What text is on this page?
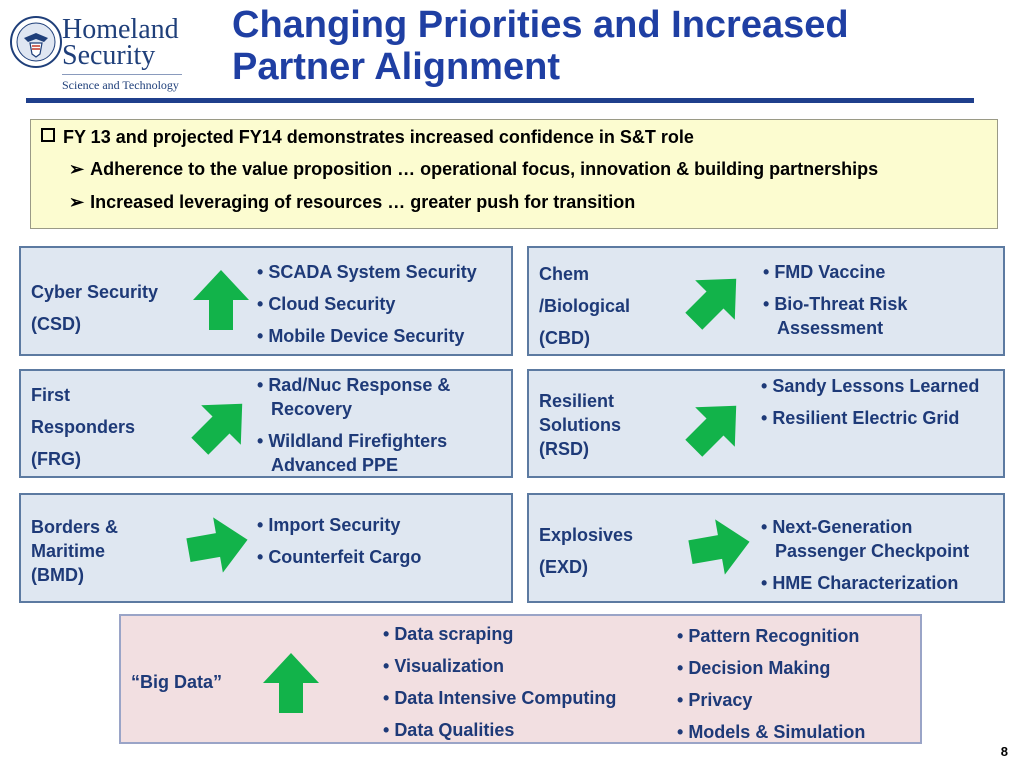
Homeland
Security
Science and Technology
Changing Priorities and Increased
Partner Alignment
FY 13 and projected FY14 demonstrates increased confidence in S&T role
➢ Adherence to the value proposition … operational focus, innovation & building partnerships
➢ Increased leveraging of resources … greater push for transition
Cyber Security
(CSD)
• SCADA System Security
• Cloud Security
• Mobile Device Security
Chem
/Biological
(CBD)
• FMD Vaccine
• Bio-Threat Risk Assessment
First
Responders
(FRG)
• Rad/Nuc Response & Recovery
• Wildland Firefighters Advanced PPE
Resilient
Solutions
(RSD)
• Sandy Lessons Learned
• Resilient Electric Grid
Borders &
Maritime
(BMD)
• Import Security
• Counterfeit Cargo
Explosives
(EXD)
• Next-Generation Passenger Checkpoint
• HME Characterization
“Big Data”
• Data scraping
• Visualization
• Data Intensive Computing
• Data Qualities
• Pattern Recognition
• Decision Making
• Privacy
• Models & Simulation
8
